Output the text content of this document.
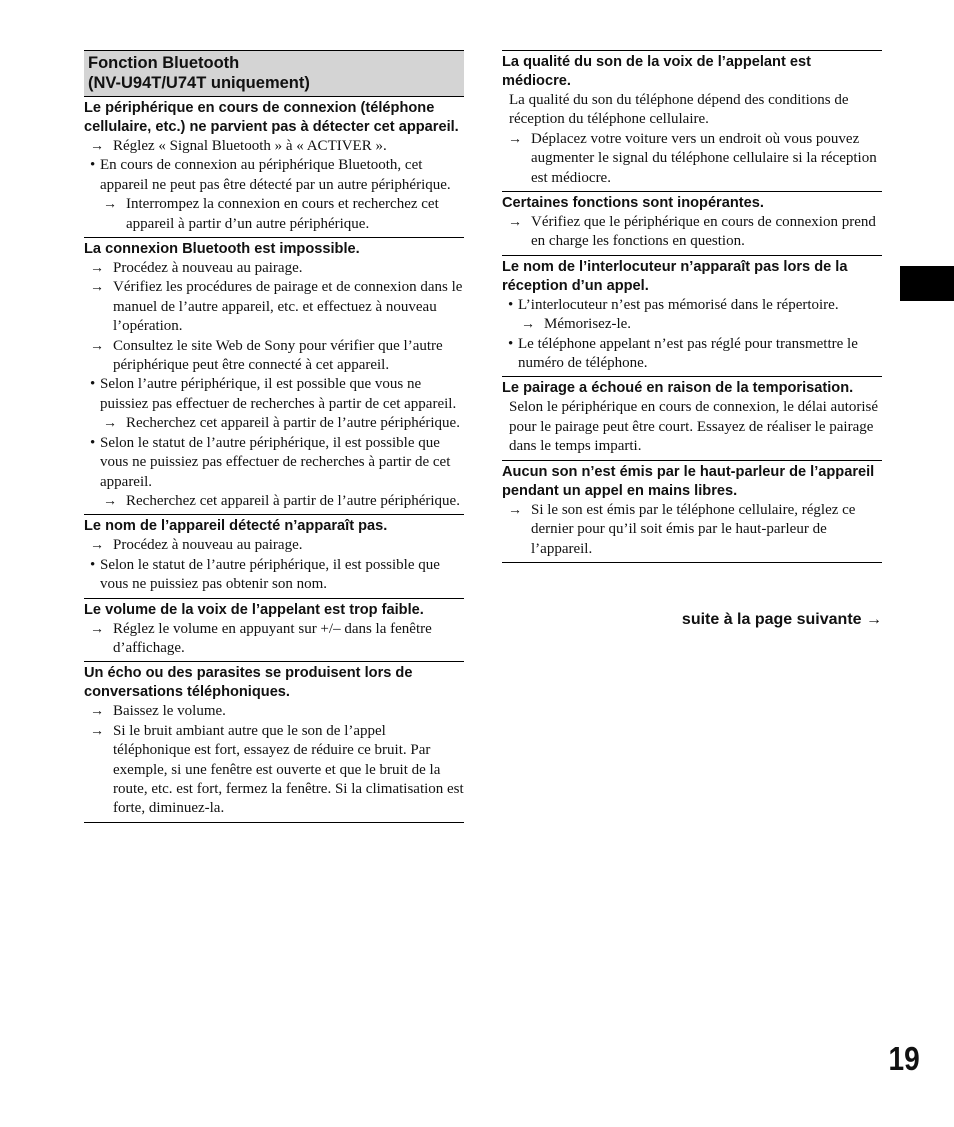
Fonction Bluetooth
(NV-U94T/U74T uniquement)
Le périphérique en cours de connexion (téléphone cellulaire, etc.) ne parvient pas à détecter cet appareil.
→ Réglez « Signal Bluetooth » à « ACTIVER ».
• En cours de connexion au périphérique Bluetooth, cet appareil ne peut pas être détecté par un autre périphérique.
→ Interrompez la connexion en cours et recherchez cet appareil à partir d’un autre périphérique.
La connexion Bluetooth est impossible.
→ Procédez à nouveau au pairage.
→ Vérifiez les procédures de pairage et de connexion dans le manuel de l’autre appareil, etc. et effectuez à nouveau l’opération.
→ Consultez le site Web de Sony pour vérifier que l’autre périphérique peut être connecté à cet appareil.
• Selon l’autre périphérique, il est possible que vous ne puissiez pas effectuer de recherches à partir de cet appareil.
→ Recherchez cet appareil à partir de l’autre périphérique.
• Selon le statut de l’autre périphérique, il est possible que vous ne puissiez pas effectuer de recherches à partir de cet appareil.
→ Recherchez cet appareil à partir de l’autre périphérique.
Le nom de l’appareil détecté n’apparaît pas.
→ Procédez à nouveau au pairage.
• Selon le statut de l’autre périphérique, il est possible que vous ne puissiez pas obtenir son nom.
Le volume de la voix de l’appelant est trop faible.
→ Réglez le volume en appuyant sur +/– dans la fenêtre d’affichage.
Un écho ou des parasites se produisent lors de conversations téléphoniques.
→ Baissez le volume.
→ Si le bruit ambiant autre que le son de l’appel téléphonique est fort, essayez de réduire ce bruit. Par exemple, si une fenêtre est ouverte et que le bruit de la route, etc. est fort, fermez la fenêtre. Si la climatisation est forte, diminuez-la.
La qualité du son de la voix de l’appelant est médiocre.
La qualité du son du téléphone dépend des conditions de réception du téléphone cellulaire.
→ Déplacez votre voiture vers un endroit où vous pouvez augmenter le signal du téléphone cellulaire si la réception est médiocre.
Certaines fonctions sont inopérantes.
→ Vérifiez que le périphérique en cours de connexion prend en charge les fonctions en question.
Le nom de l’interlocuteur n’apparaît pas lors de la réception d’un appel.
• L’interlocuteur n’est pas mémorisé dans le répertoire.
→ Mémorisez-le.
• Le téléphone appelant n’est pas réglé pour transmettre le numéro de téléphone.
Le pairage a échoué en raison de la temporisation.
Selon le périphérique en cours de connexion, le délai autorisé pour le pairage peut être court. Essayez de réaliser le pairage dans le temps imparti.
Aucun son n’est émis par le haut-parleur de l’appareil pendant un appel en mains libres.
→ Si le son est émis par le téléphone cellulaire, réglez ce dernier pour qu’il soit émis par le haut-parleur de l’appareil.
suite à la page suivante →
19
